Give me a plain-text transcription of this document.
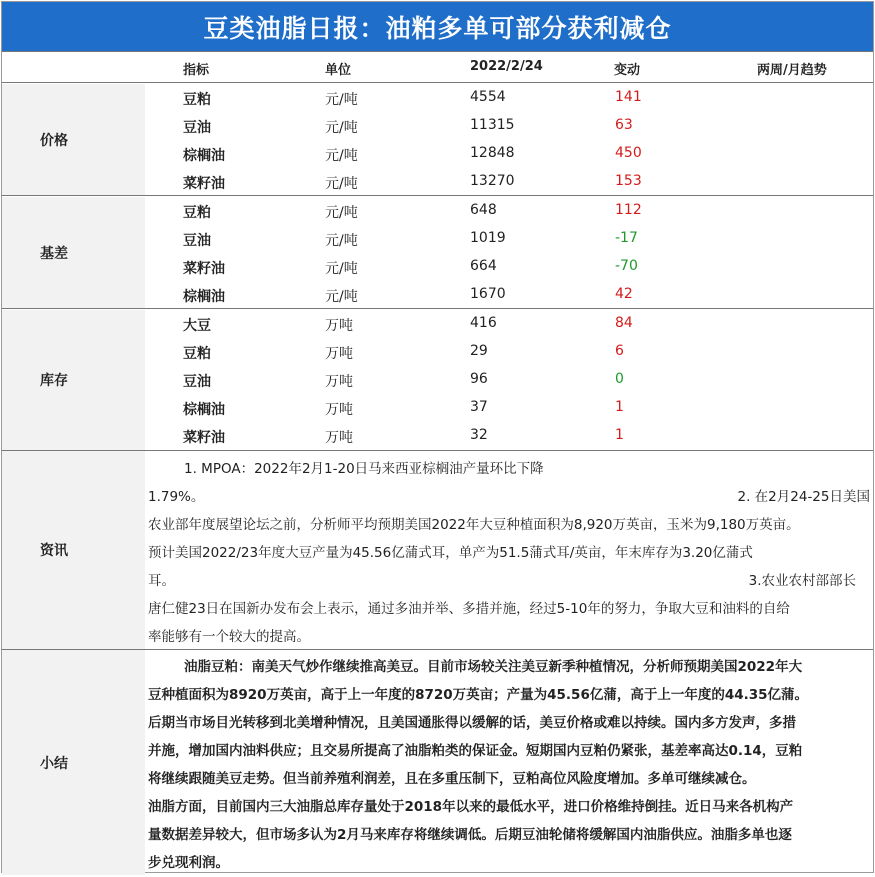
豆类油脂日报：油粕多单可部分获利减仓
指标	单位	2022/2/24	变动	两周/月趋势
价格
豆粕	元/吨	4554	141
豆油	元/吨	11315	63
棕榈油	元/吨	12848	450
菜籽油	元/吨	13270	153
基差
豆粕	元/吨	648	112
豆油	元/吨	1019	-17
菜籽油	元/吨	664	-70
棕榈油	元/吨	1670	42
库存
大豆	万吨	416	84
豆粕	万吨	29	6
豆油	万吨	96	0
棕榈油	万吨	37	1
菜籽油	万吨	32	1
资讯
1. MPOA：2022年2月1-20日马来西亚棕榈油产量环比下降
1.79%。	2. 在2月24-25日美国
农业部年度展望论坛之前，分析师平均预期美国2022年大豆种植面积为8,920万英亩，玉米为9,180万英亩。
预计美国2022/23年度大豆产量为45.56亿蒲式耳，单产为51.5蒲式耳/英亩，年末库存为3.20亿蒲式
耳。	3.农业农村部部长
唐仁健23日在国新办发布会上表示，通过多油并举、多措并施，经过5-10年的努力，争取大豆和油料的自给
率能够有一个较大的提高。
小结
油脂豆粕：南美天气炒作继续推高美豆。目前市场较关注美豆新季种植情况，分析师预期美国2022年大
豆种植面积为8920万英亩，高于上一年度的8720万英亩；产量为45.56亿蒲，高于上一年度的44.35亿蒲。
后期当市场目光转移到北美增种情况，且美国通胀得以缓解的话，美豆价格或难以持续。国内多方发声，多措
并施，增加国内油料供应；且交易所提高了油脂粕类的保证金。短期国内豆粕仍紧张，基差率高达0.14，豆粕
将继续跟随美豆走势。但当前养殖利润差，且在多重压制下，豆粕高位风险度增加。多单可继续减仓。
油脂方面，目前国内三大油脂总库存量处于2018年以来的最低水平，进口价格维持倒挂。近日马来各机构产
量数据差异较大，但市场多认为2月马来库存将继续调低。后期豆油轮储将缓解国内油脂供应。油脂多单也逐
步兑现利润。
